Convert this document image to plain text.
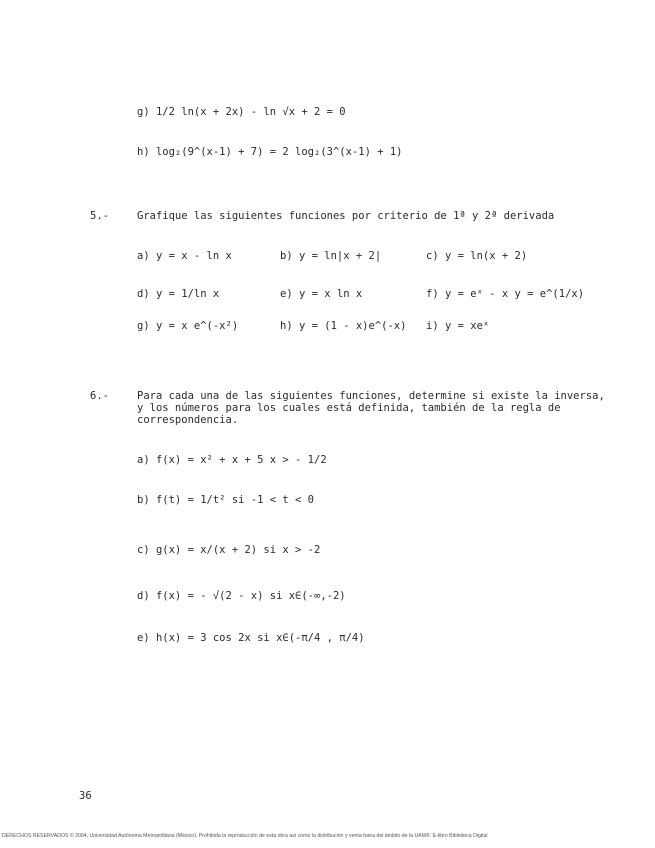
g) 1/2 ln(x + 2x) - ln √x + 2 = 0
h) log₂(9^(x-1) + 7) = 2 log₂(3^(x-1) + 1)
5.-	Grafique las siguientes funciones por criterio de 1ª y 2ª derivada
a) y = x - ln x	b) y = ln|x + 2|	c) y = ln(x + 2)
d) y = 1/ln x	e) y = x ln x	f) y = eˣ - x y = e^(1/x)
g) y = x e^(-x²)	h) y = (1 - x)e^(-x) i) y = xeˣ
6.-	Para cada una de las siguientes funciones, determine si existe la inversa, y los números para los cuales está definida, también de la regla de correspondencia.
a) f(x) = x² + x + 5 x > - 1/2
b) f(t) = 1/t² si -1 < t < 0
c) g(x) = x/(x + 2) si x > -2
d) f(x) = - √(2 - x) si x∈(-∞,-2)
e) h(x) = 3 cos 2x si x∈(-π/4 , π/4)
36
DERECHOS RESERVADOS © 2004, Universidad Autónoma Metropolitana (México). Prohibida la reproducción de esta obra así como la distribución y venta fuera del ámbito de la UAM®. E-libro Biblioteca Digital
